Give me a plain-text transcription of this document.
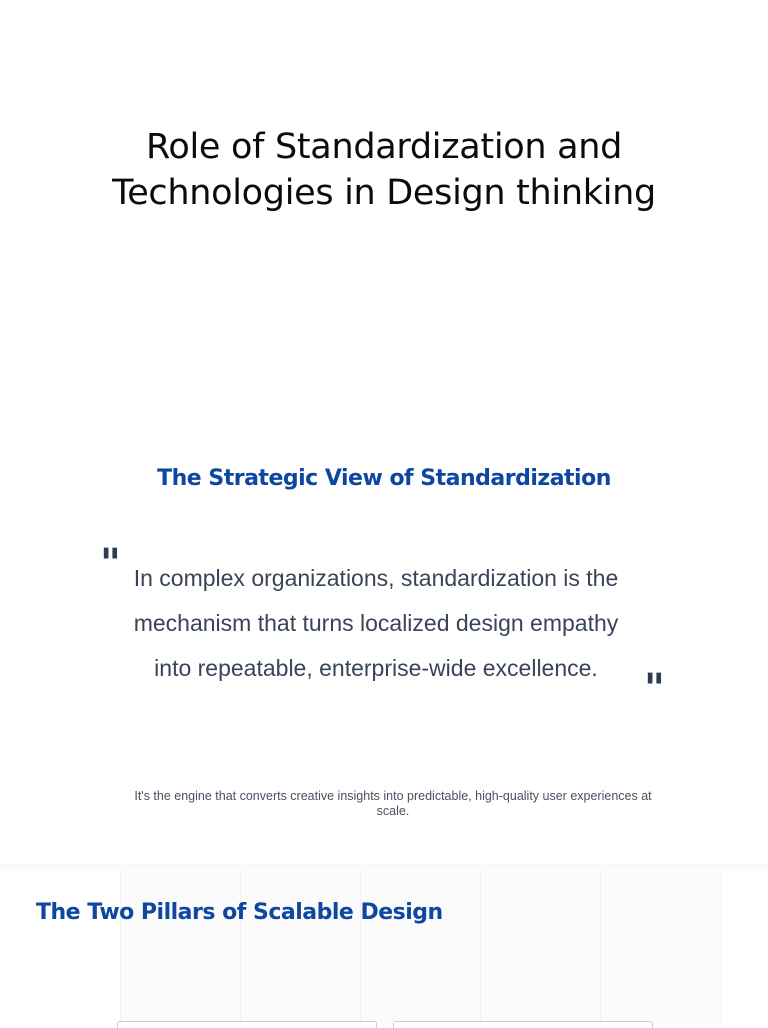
Role of Standardization and
Technologies in Design thinking
The Strategic View of Standardization
" In complex organizations, standardization is the mechanism that turns localized design empathy into repeatable, enterprise-wide excellence.	"

It's the engine that converts creative insights into predictable, high-quality user experiences at scale.

The Two Pillars of Scalable Design
